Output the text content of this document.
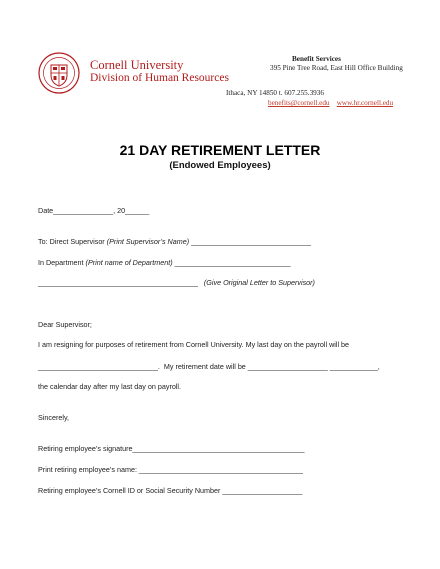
Cornell University
Division of Human Resources
Benefit Services
395 Pine Tree Road, East Hill Office Building
Ithaca, NY 14850 t. 607.255.3936
benefits@cornell.edu www.hr.cornell.edu
21 DAY RETIREMENT LETTER
(Endowed Employees)
Date_______________, 20______
To: Direct Supervisor (Print Supervisor’s Name) ______________________________
In Department (Print name of Department) _____________________________
________________________________________ (Give Original Letter to Supervisor)
Dear Supervisor;
I am resigning for purposes of retirement from Cornell University. My last day on the payroll will be
______________________________. My retirement date will be ____________________ ____________,
the calendar day after my last day on payroll.
Sincerely,
Retiring employee’s signature___________________________________________
Print retiring employee’s name: _________________________________________
Retiring employee’s Cornell ID or Social Security Number ____________________
